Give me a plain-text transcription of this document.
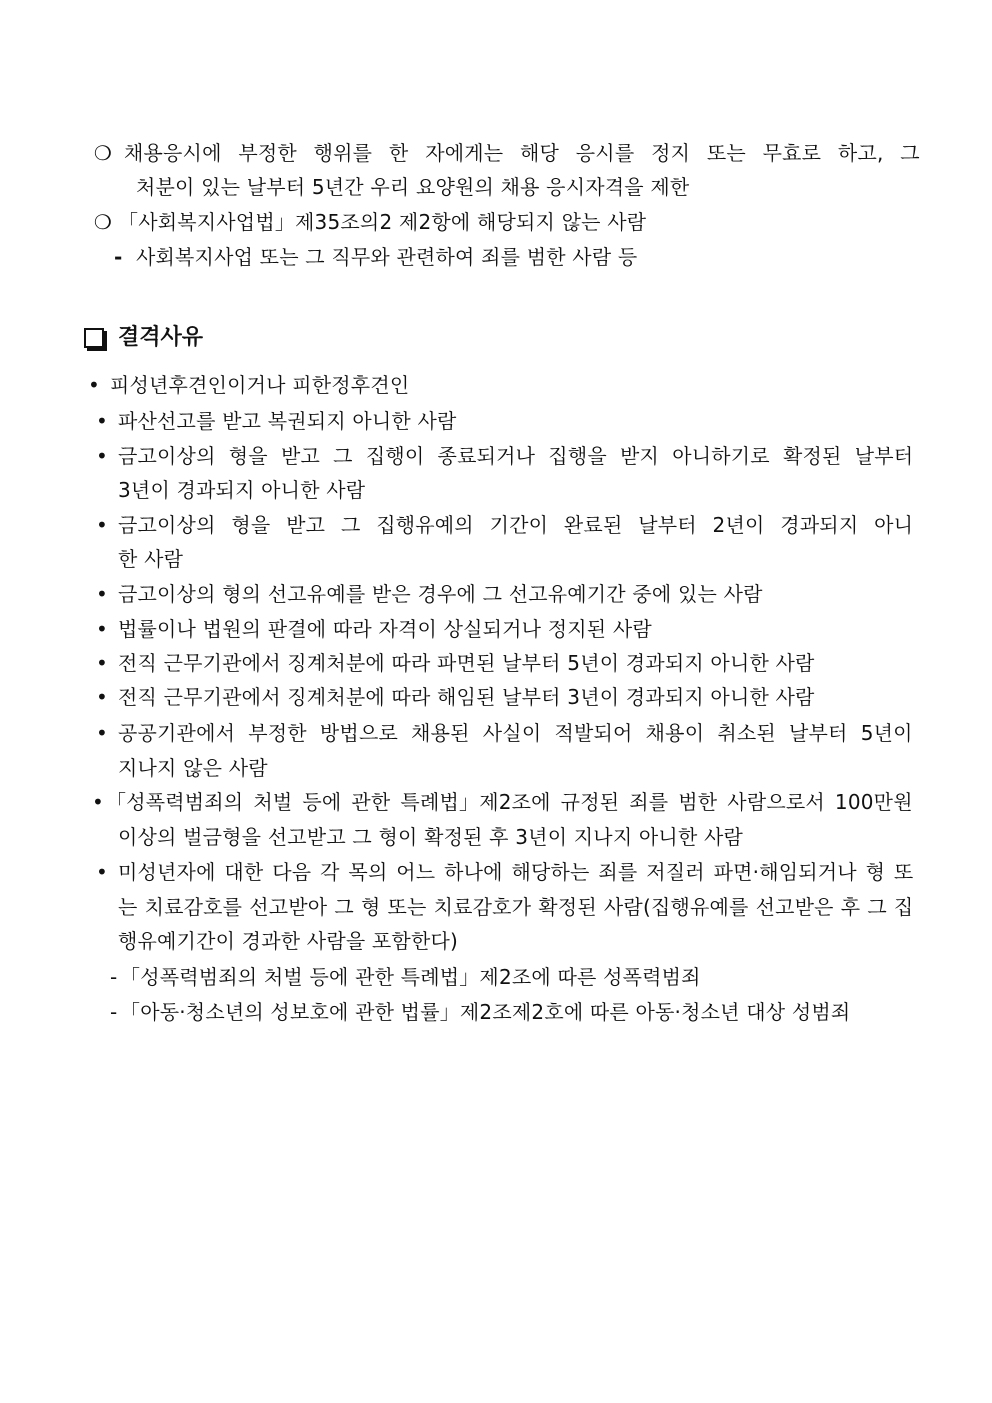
❍ 채용응시에 부정한 행위를 한 자에게는 해당 응시를 정지 또는 무효로 하고, 그
처분이 있는 날부터 5년간 우리 요양원의 채용 응시자격을 제한
❍ 「사회복지사업법」제35조의2 제2항에 해당되지 않는 사람
- 사회복지사업 또는 그 직무와 관련하여 죄를 범한 사람 등
결격사유
• 피성년후견인이거나 피한정후견인
• 파산선고를 받고 복권되지 아니한 사람
• 금고이상의 형을 받고 그 집행이 종료되거나 집행을 받지 아니하기로 확정된 날부터
3년이 경과되지 아니한 사람
• 금고이상의 형을 받고 그 집행유예의 기간이 완료된 날부터 2년이 경과되지 아니
한 사람
• 금고이상의 형의 선고유예를 받은 경우에 그 선고유예기간 중에 있는 사람
• 법률이나 법원의 판결에 따라 자격이 상실되거나 정지된 사람
• 전직 근무기관에서 징계처분에 따라 파면된 날부터 5년이 경과되지 아니한 사람
• 전직 근무기관에서 징계처분에 따라 해임된 날부터 3년이 경과되지 아니한 사람
• 공공기관에서 부정한 방법으로 채용된 사실이 적발되어 채용이 취소된 날부터 5년이
지나지 않은 사람
• 「성폭력범죄의 처벌 등에 관한 특례법」제2조에 규정된 죄를 범한 사람으로서 100만원
이상의 벌금형을 선고받고 그 형이 확정된 후 3년이 지나지 아니한 사람
• 미성년자에 대한 다음 각 목의 어느 하나에 해당하는 죄를 저질러 파면·해임되거나 형 또
는 치료감호를 선고받아 그 형 또는 치료감호가 확정된 사람(집행유예를 선고받은 후 그 집
행유예기간이 경과한 사람을 포함한다)
- 「성폭력범죄의 처벌 등에 관한 특례법」제2조에 따른 성폭력범죄
- 「아동·청소년의 성보호에 관한 법률」제2조제2호에 따른 아동·청소년 대상 성범죄
